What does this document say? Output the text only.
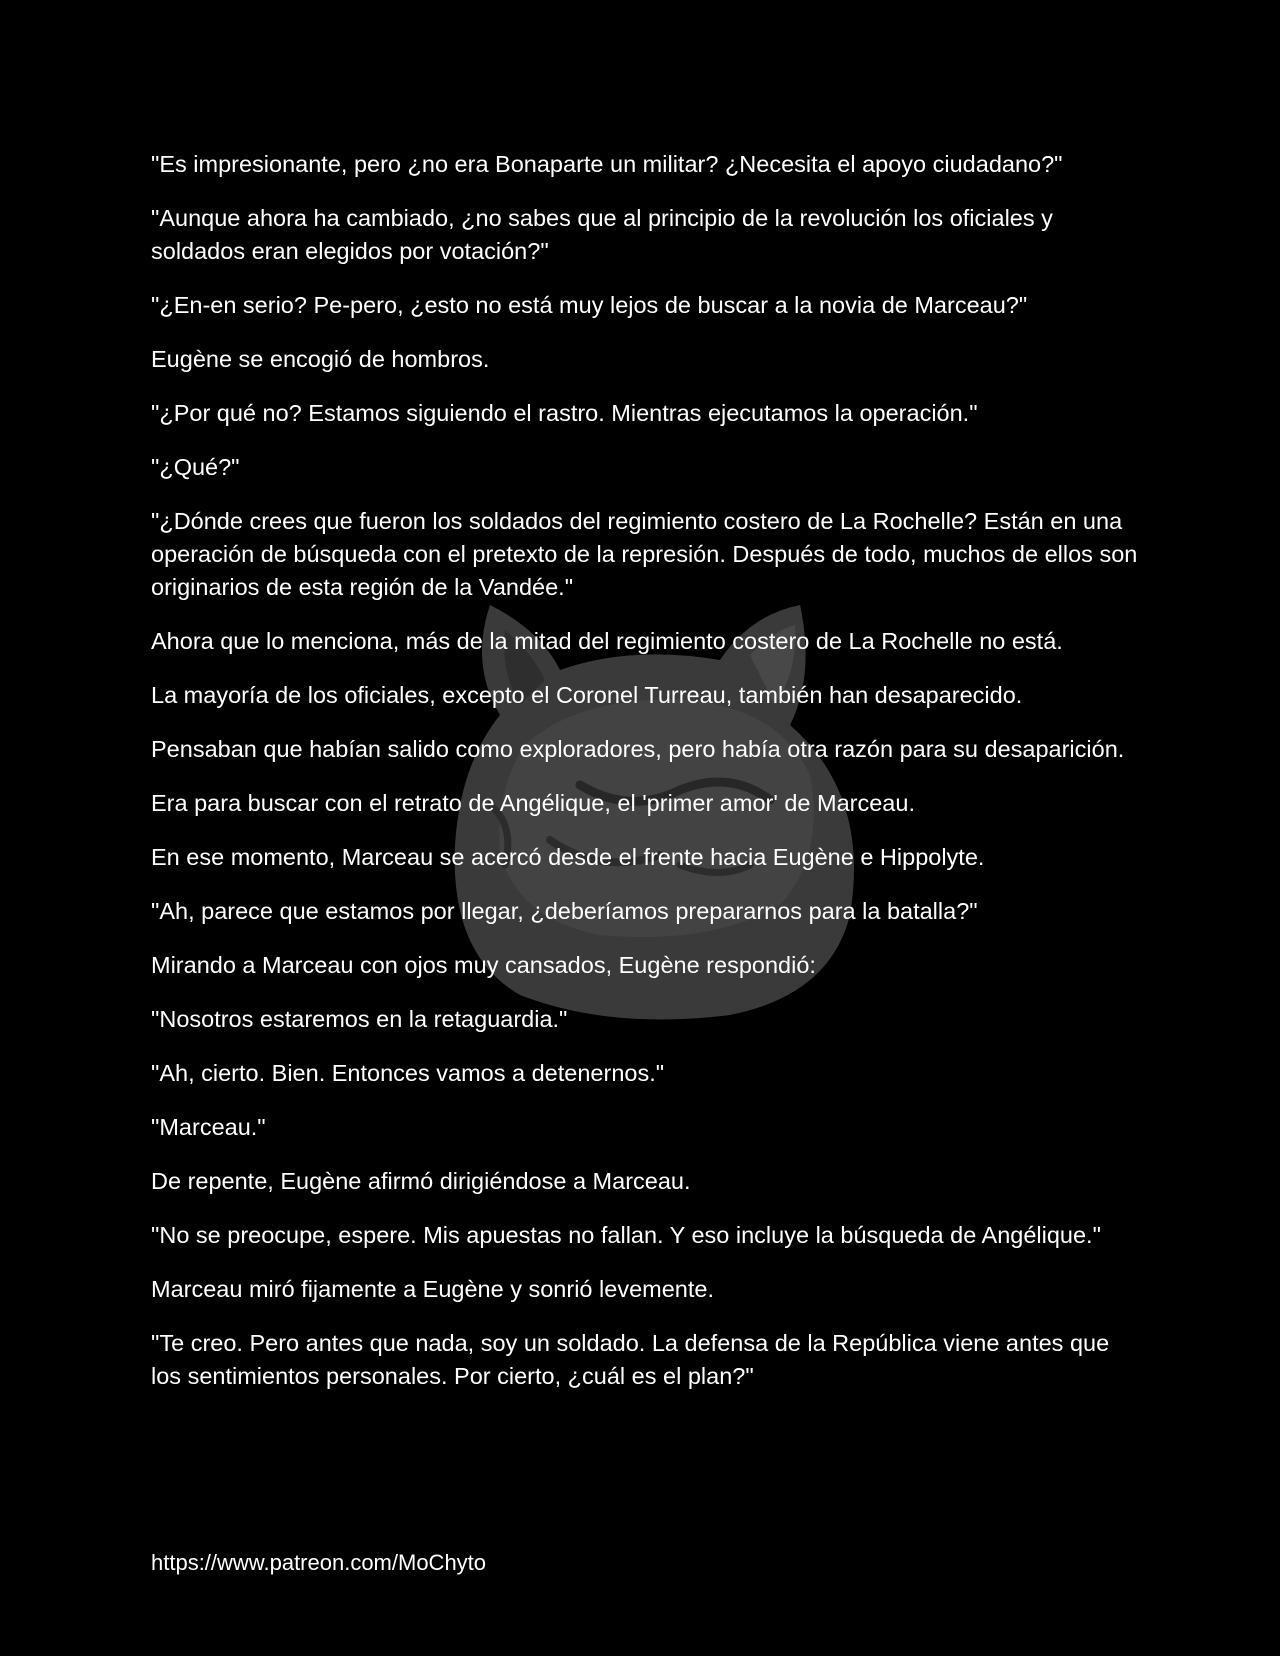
"Es impresionante, pero ¿no era Bonaparte un militar? ¿Necesita el apoyo ciudadano?"

"Aunque ahora ha cambiado, ¿no sabes que al principio de la revolución los oficiales y soldados eran elegidos por votación?"

"¿En-en serio? Pe-pero, ¿esto no está muy lejos de buscar a la novia de Marceau?"

Eugène se encogió de hombros.

"¿Por qué no? Estamos siguiendo el rastro. Mientras ejecutamos la operación."

"¿Qué?"

"¿Dónde crees que fueron los soldados del regimiento costero de La Rochelle? Están en una operación de búsqueda con el pretexto de la represión. Después de todo, muchos de ellos son originarios de esta región de la Vandée."

Ahora que lo menciona, más de la mitad del regimiento costero de La Rochelle no está.

La mayoría de los oficiales, excepto el Coronel Turreau, también han desaparecido.

Pensaban que habían salido como exploradores, pero había otra razón para su desaparición.

Era para buscar con el retrato de Angélique, el 'primer amor' de Marceau.

En ese momento, Marceau se acercó desde el frente hacia Eugène e Hippolyte.

"Ah, parece que estamos por llegar, ¿deberíamos prepararnos para la batalla?"

Mirando a Marceau con ojos muy cansados, Eugène respondió:

"Nosotros estaremos en la retaguardia."

"Ah, cierto. Bien. Entonces vamos a detenernos."

"Marceau."

De repente, Eugène afirmó dirigiéndose a Marceau.

"No se preocupe, espere. Mis apuestas no fallan. Y eso incluye la búsqueda de Angélique."

Marceau miró fijamente a Eugène y sonrió levemente.

"Te creo. Pero antes que nada, soy un soldado. La defensa de la República viene antes que los sentimientos personales. Por cierto, ¿cuál es el plan?"

https://www.patreon.com/MoChyto
